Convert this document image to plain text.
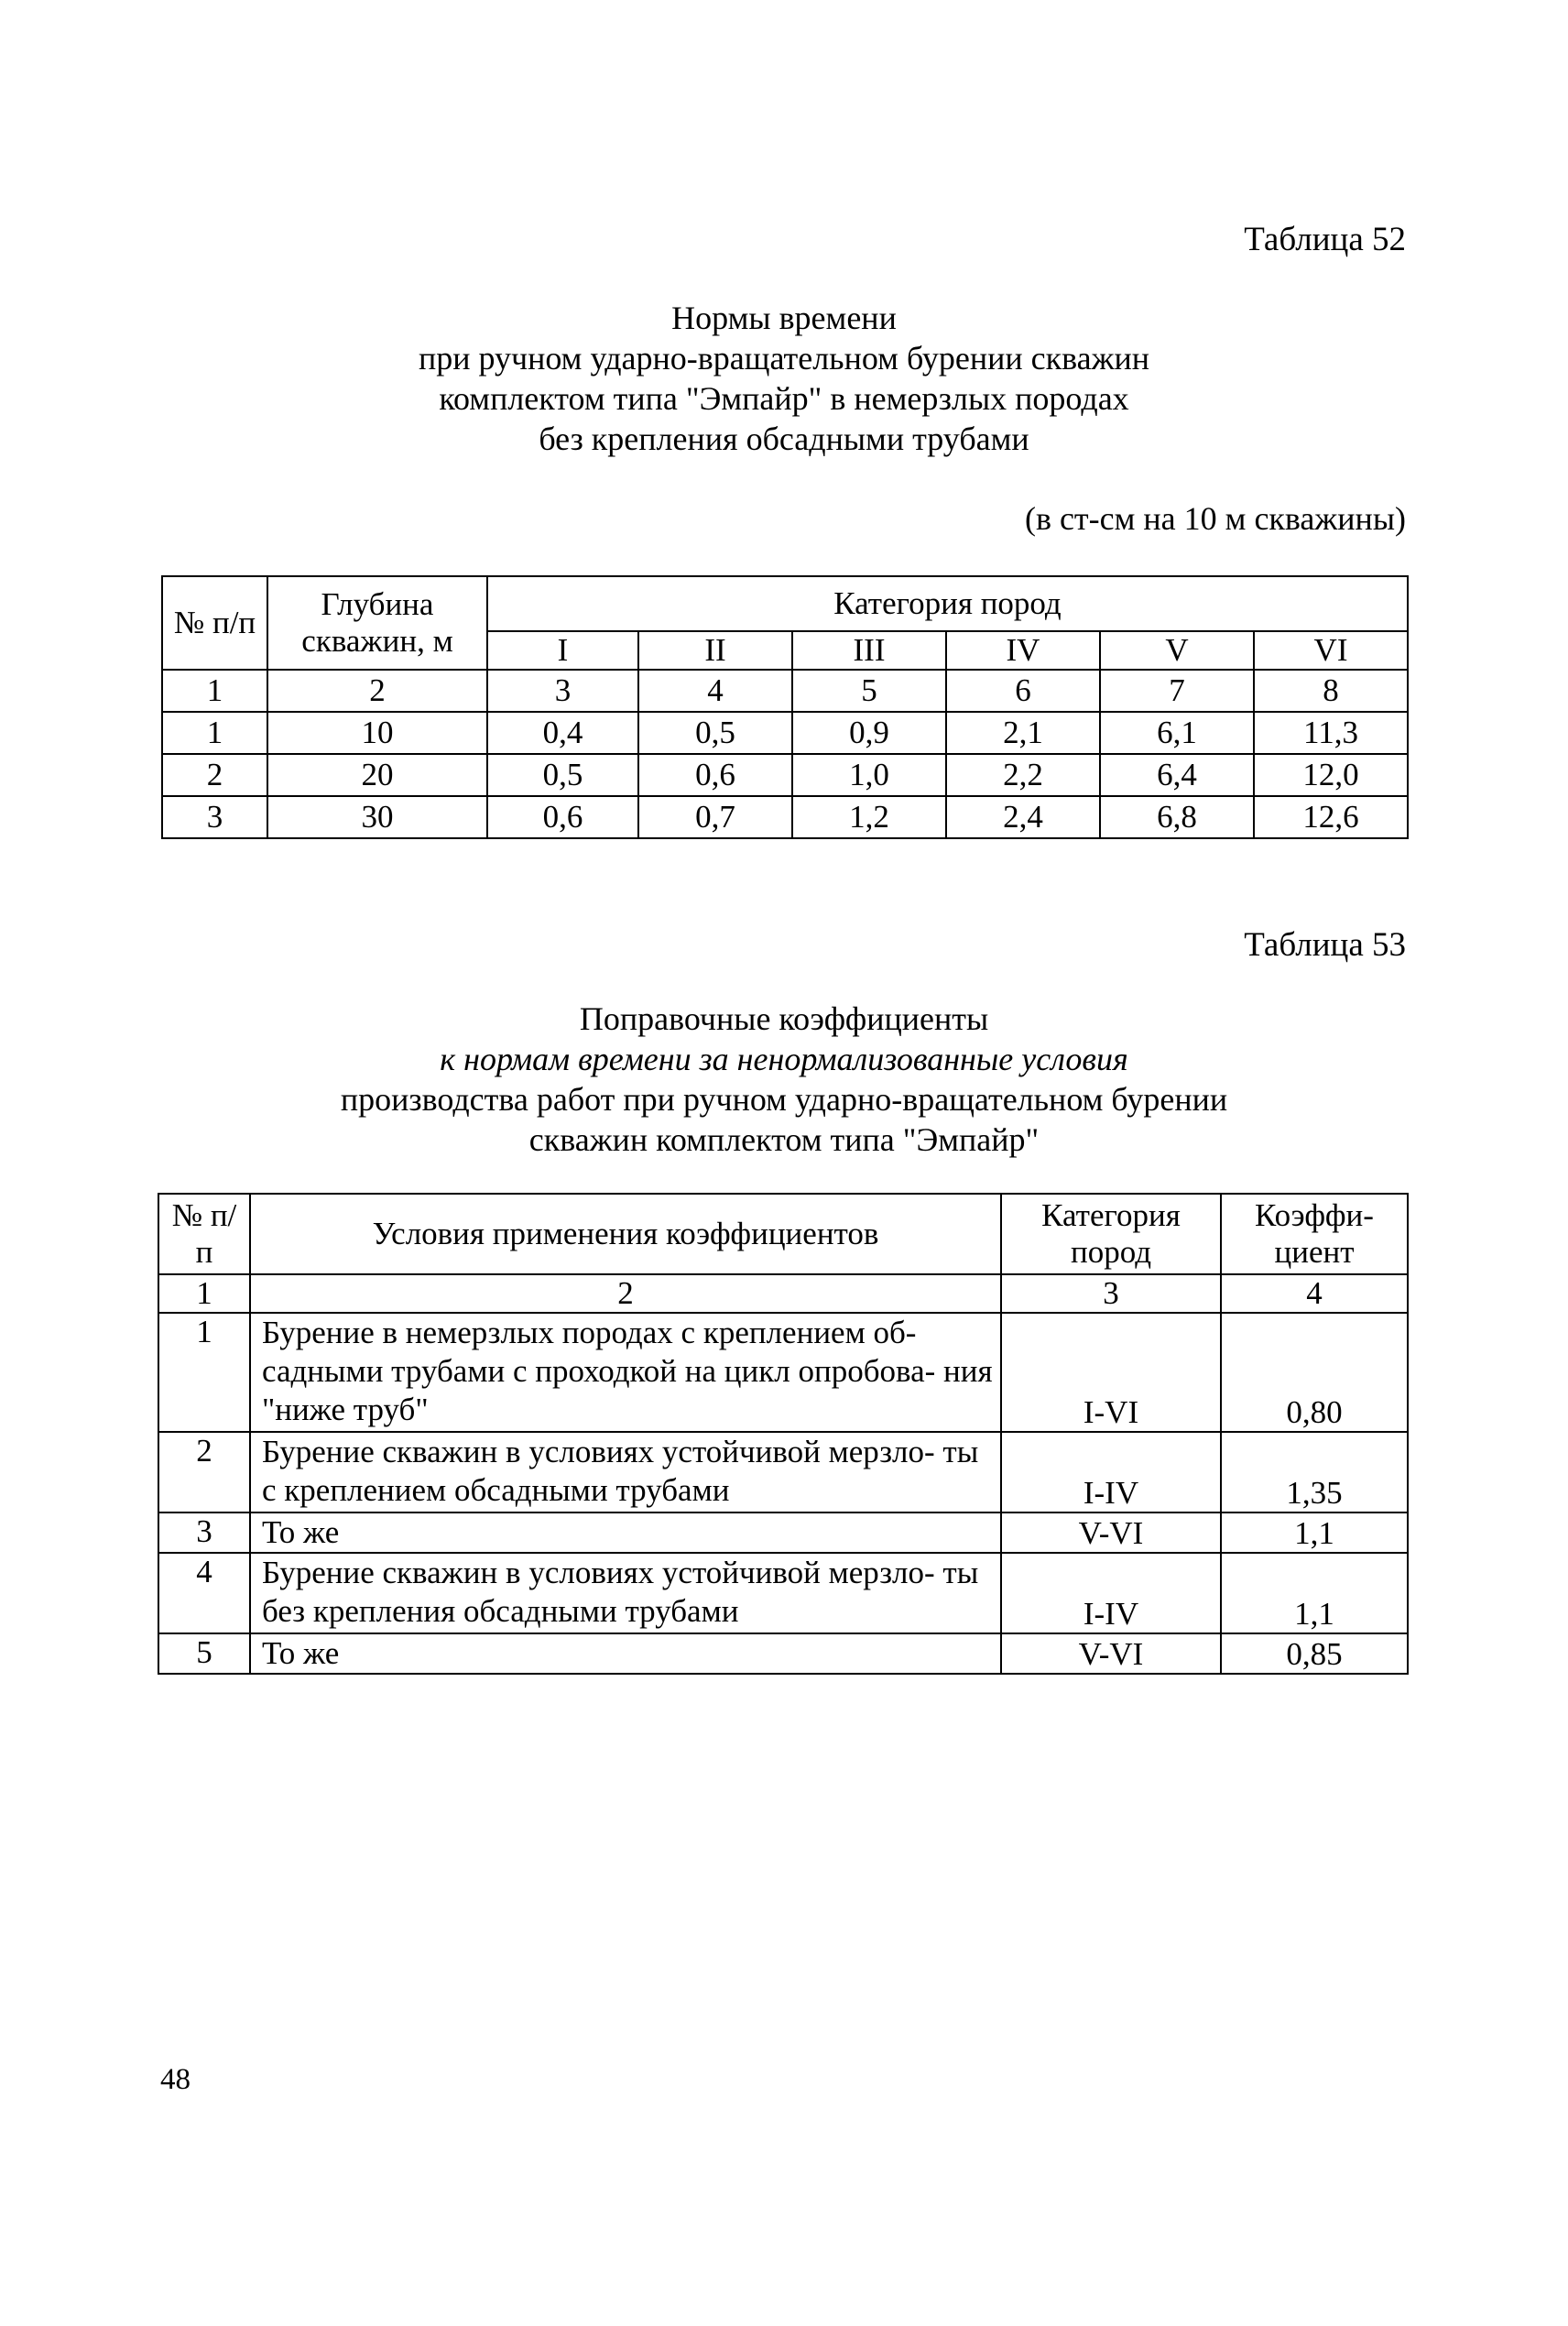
Таблица 52
Нормы времени
при ручном ударно-вращательном бурении скважин
комплектом типа "Эмпайр" в немерзлых породах
без крепления обсадными трубами
(в ст-см на 10 м скважины)
№ п/п	Глубина скважин, м	Категория пород					
		I	II	III	IV	V	VI
1	2	3	4	5	6	7	8
1	10	0,4	0,5	0,9	2,1	6,1	11,3
2	20	0,5	0,6	1,0	2,2	6,4	12,0
3	30	0,6	0,7	1,2	2,4	6,8	12,6
Таблица 53
Поправочные коэффициенты
к нормам времени за ненормализованные условия
производства работ при ручном ударно-вращательном бурении
скважин комплектом типа "Эмпайр"
№ п/п	Условия применения коэффициентов	Категория пород	Коэффи- циент
1	2	3	4
1	Бурение в немерзлых породах с креплением об- садными трубами с проходкой на цикл опробова- ния "ниже труб"	I-VI	0,80
2	Бурение скважин в условиях устойчивой мерзло- ты с креплением обсадными трубами	I-IV	1,35
3	То же	V-VI	1,1
4	Бурение скважин в условиях устойчивой мерзло- ты без крепления обсадными трубами	I-IV	1,1
5	То же	V-VI	0,85
48
